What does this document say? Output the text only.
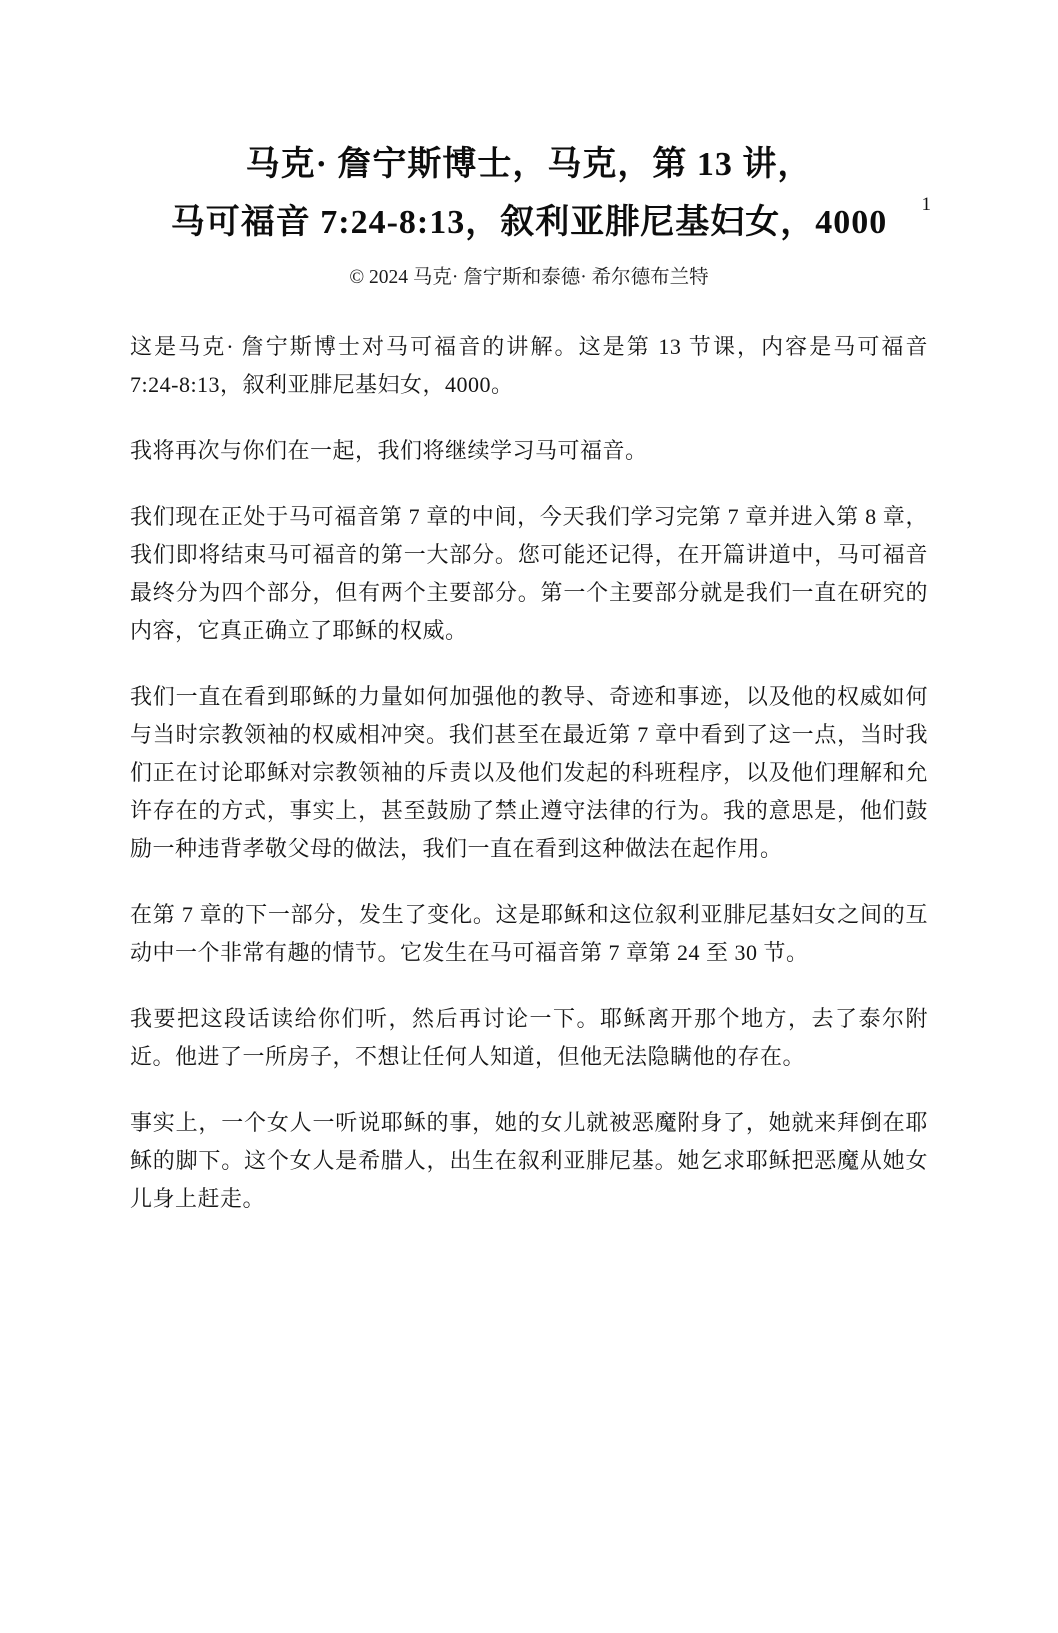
1
马克· 詹宁斯博士，马克，第 13 讲，
马可福音 7:24-8:13，叙利亚腓尼基妇女，4000
© 2024 马克· 詹宁斯和泰德· 希尔德布兰特

这是马克· 詹宁斯博士对马可福音的讲解。这是第 13 节课，内容是马可福音 7:24-8:13，叙利亚腓尼基妇女，4000。

我将再次与你们在一起，我们将继续学习马可福音。

我们现在正处于马可福音第 7 章的中间，今天我们学习完第 7 章并进入第 8 章，我们即将结束马可福音的第一大部分。您可能还记得，在开篇讲道中，马可福音最终分为四个部分，但有两个主要部分。第一个主要部分就是我们一直在研究的内容，它真正确立了耶稣的权威。

我们一直在看到耶稣的力量如何加强他的教导、奇迹和事迹，以及他的权威如何与当时宗教领袖的权威相冲突。我们甚至在最近第 7 章中看到了这一点，当时我们正在讨论耶稣对宗教领袖的斥责以及他们发起的科班程序，以及他们理解和允许存在的方式，事实上，甚至鼓励了禁止遵守法律的行为。我的意思是，他们鼓励一种违背孝敬父母的做法，我们一直在看到这种做法在起作用。

在第 7 章的下一部分，发生了变化。这是耶稣和这位叙利亚腓尼基妇女之间的互动中一个非常有趣的情节。它发生在马可福音第 7 章第 24 至 30 节。

我要把这段话读给你们听，然后再讨论一下。耶稣离开那个地方，去了泰尔附近。他进了一所房子，不想让任何人知道，但他无法隐瞒他的存在。

事实上，一个女人一听说耶稣的事，她的女儿就被恶魔附身了，她就来拜倒在耶稣的脚下。这个女人是希腊人，出生在叙利亚腓尼基。她乞求耶稣把恶魔从她女儿身上赶走。
